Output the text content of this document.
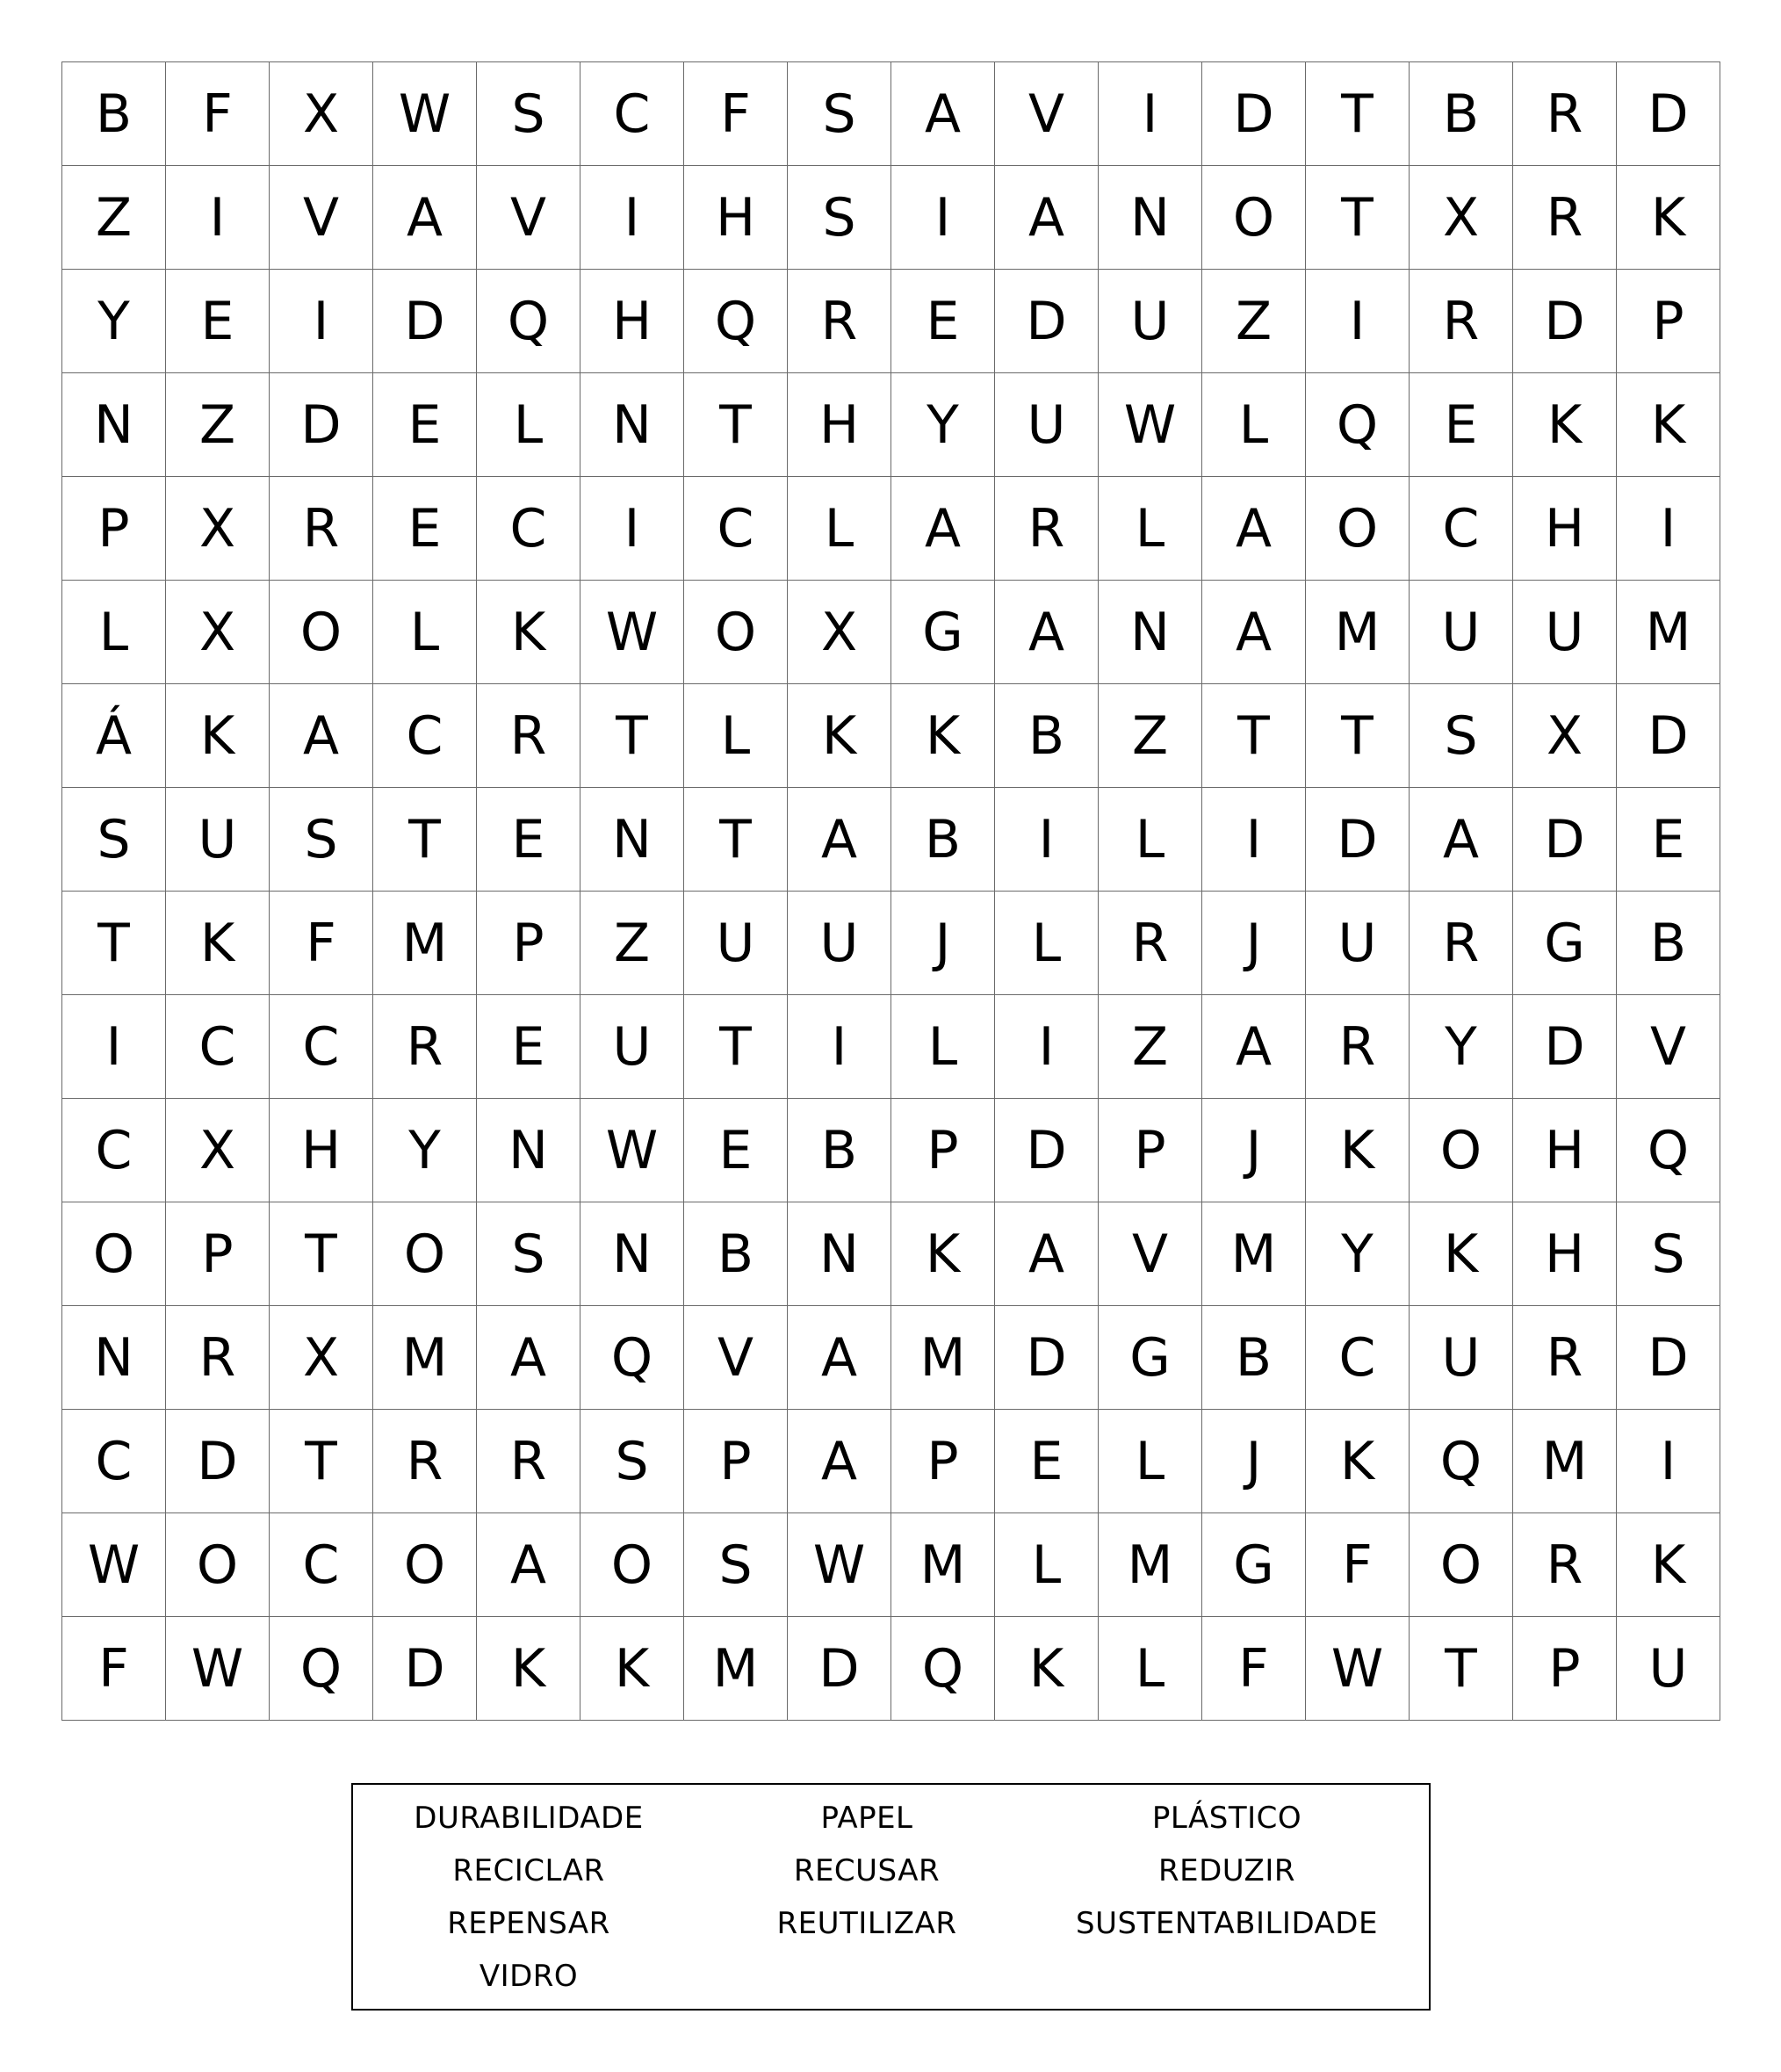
B	F	X	W	S	C	F	S	A	V	I	D	T	B	R	D
Z	I	V	A	V	I	H	S	I	A	N	O	T	X	R	K
Y	E	I	D	Q	H	Q	R	E	D	U	Z	I	R	D	P
N	Z	D	E	L	N	T	H	Y	U	W	L	Q	E	K	K
P	X	R	E	C	I	C	L	A	R	L	A	O	C	H	I
L	X	O	L	K	W	O	X	G	A	N	A	M	U	U	M
Á	K	A	C	R	T	L	K	K	B	Z	T	T	S	X	D
S	U	S	T	E	N	T	A	B	I	L	I	D	A	D	E
T	K	F	M	P	Z	U	U	J	L	R	J	U	R	G	B
I	C	C	R	E	U	T	I	L	I	Z	A	R	Y	D	V
C	X	H	Y	N	W	E	B	P	D	P	J	K	O	H	Q
O	P	T	O	S	N	B	N	K	A	V	M	Y	K	H	S
N	R	X	M	A	Q	V	A	M	D	G	B	C	U	R	D
C	D	T	R	R	S	P	A	P	E	L	J	K	Q	M	I
W	O	C	O	A	O	S	W	M	L	M	G	F	O	R	K
F	W	Q	D	K	K	M	D	Q	K	L	F	W	T	P	U
DURABILIDADE	PAPEL	PLÁSTICO
RECICLAR	RECUSAR	REDUZIR
REPENSAR	REUTILIZAR	SUSTENTABILIDADE
VIDRO
